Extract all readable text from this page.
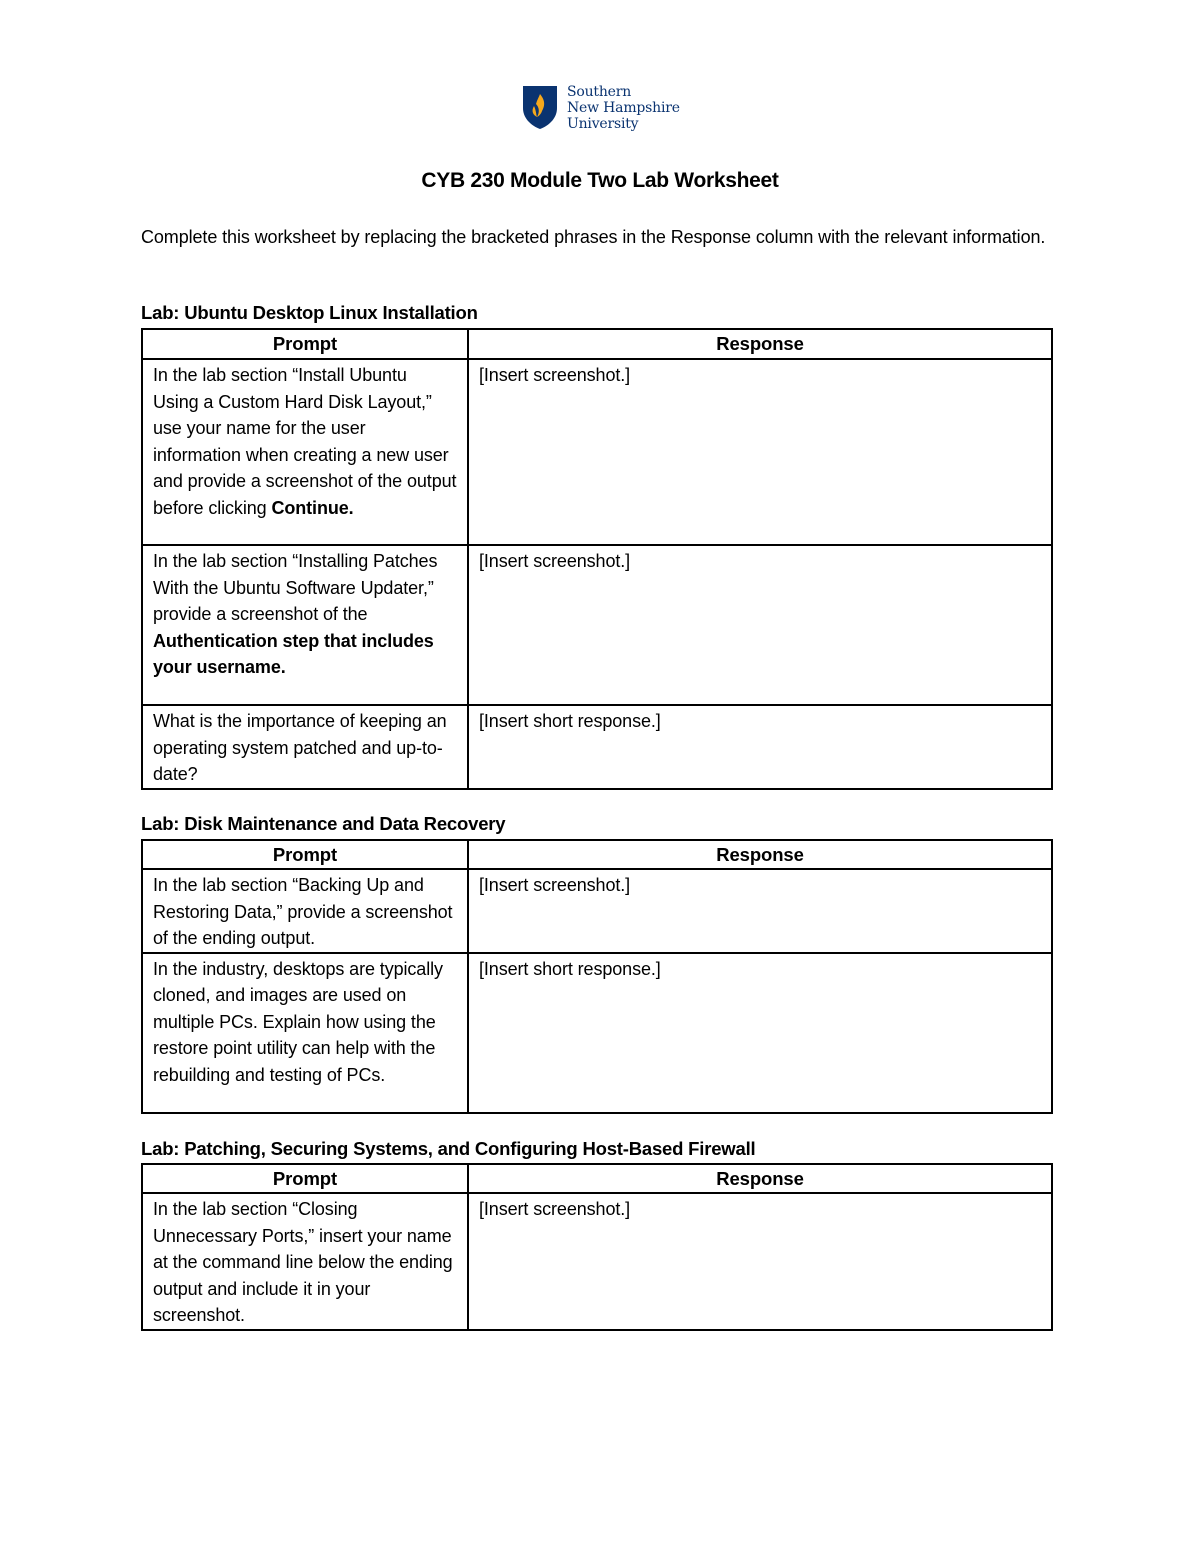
Southern
New Hampshire
University
CYB 230 Module Two Lab Worksheet
Complete this worksheet by replacing the bracketed phrases in the Response column with the relevant information.
Lab: Ubuntu Desktop Linux Installation
Prompt	Response
In the lab section “Install Ubuntu Using a Custom Hard Disk Layout,” use your name for the user information when creating a new user and provide a screenshot of the output before clicking Continue.	[Insert screenshot.]
In the lab section “Installing Patches With the Ubuntu Software Updater,” provide a screenshot of the Authentication step that includes your username.	[Insert screenshot.]
What is the importance of keeping an operating system patched and up-to-date?	[Insert short response.]
Lab: Disk Maintenance and Data Recovery
Prompt	Response
In the lab section “Backing Up and Restoring Data,” provide a screenshot of the ending output.	[Insert screenshot.]
In the industry, desktops are typically cloned, and images are used on multiple PCs. Explain how using the restore point utility can help with the rebuilding and testing of PCs.	[Insert short response.]
Lab: Patching, Securing Systems, and Configuring Host-Based Firewall
Prompt	Response
In the lab section “Closing Unnecessary Ports,” insert your name at the command line below the ending output and include it in your screenshot.	[Insert screenshot.]
